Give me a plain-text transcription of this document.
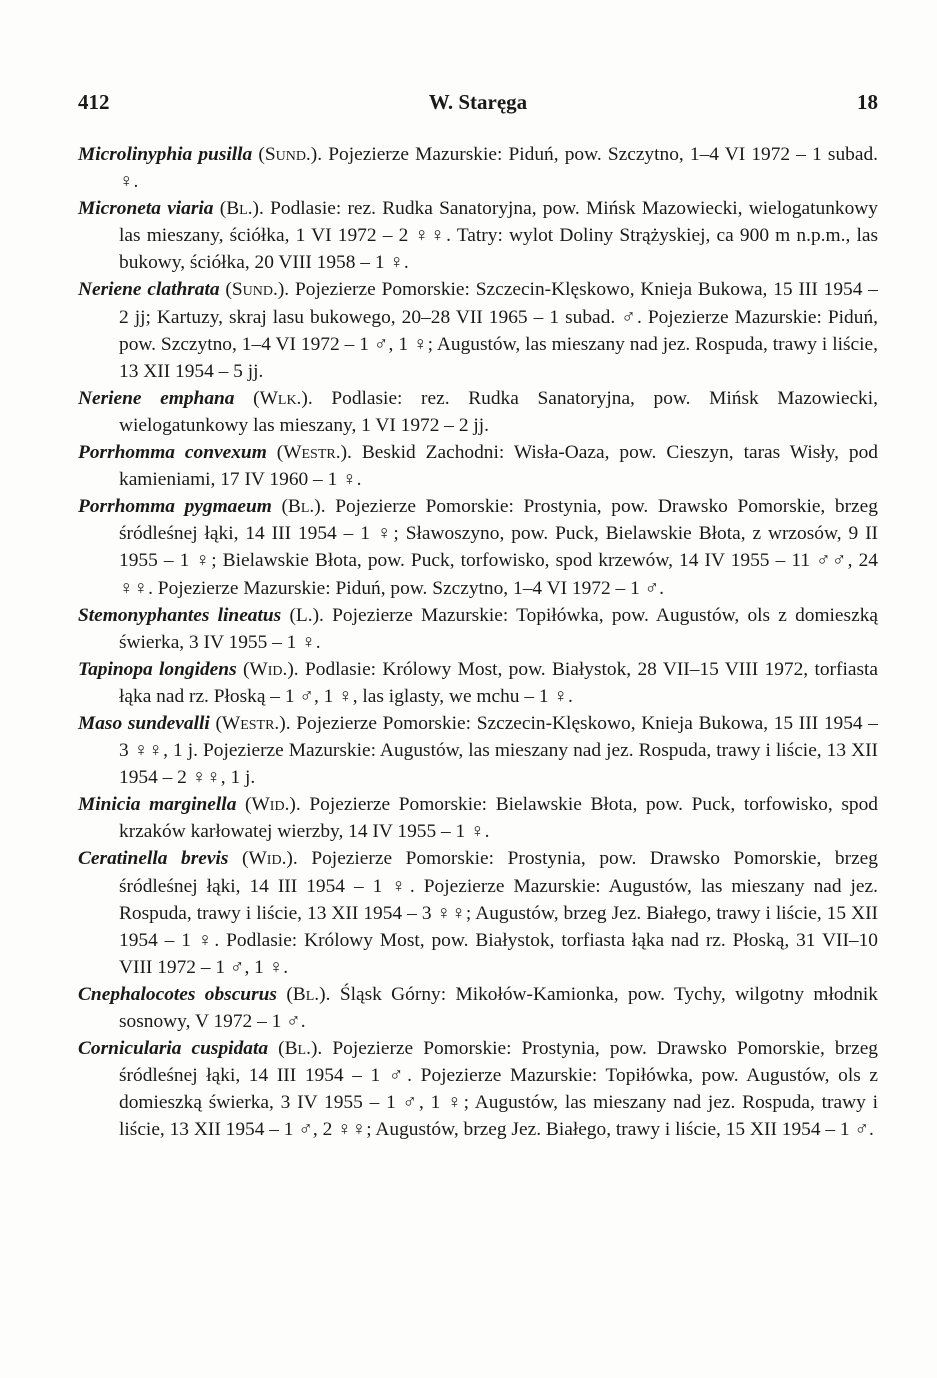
412	W. Staręga	18

Microlinyphia pusilla (Sund.). Pojezierze Mazurskie: Piduń, pow. Szczytno, 1–4 VI 1972 – 1 subad. ♀.

Microneta viaria (Bl.). Podlasie: rez. Rudka Sanatoryjna, pow. Mińsk Mazowiecki, wielogatunkowy las mieszany, ściółka, 1 VI 1972 – 2 ♀♀. Tatry: wylot Doliny Strążyskiej, ca 900 m n.p.m., las bukowy, ściółka, 20 VIII 1958 – 1 ♀.

Neriene clathrata (Sund.). Pojezierze Pomorskie: Szczecin-Klęskowo, Knieja Bukowa, 15 III 1954 – 2 jj; Kartuzy, skraj lasu bukowego, 20–28 VII 1965 – 1 subad. ♂. Pojezierze Mazurskie: Piduń, pow. Szczytno, 1–4 VI 1972 – 1 ♂, 1 ♀; Augustów, las mieszany nad jez. Rospuda, trawy i liście, 13 XII 1954 – 5 jj.

Neriene emphana (Wlk.). Podlasie: rez. Rudka Sanatoryjna, pow. Mińsk Mazowiecki, wielogatunkowy las mieszany, 1 VI 1972 – 2 jj.

Porrhomma convexum (Westr.). Beskid Zachodni: Wisła-Oaza, pow. Cieszyn, taras Wisły, pod kamieniami, 17 IV 1960 – 1 ♀.

Porrhomma pygmaeum (Bl.). Pojezierze Pomorskie: Prostynia, pow. Drawsko Pomorskie, brzeg śródleśnej łąki, 14 III 1954 – 1 ♀; Sławoszyno, pow. Puck, Bielawskie Błota, z wrzosów, 9 II 1955 – 1 ♀; Bielawskie Błota, pow. Puck, torfowisko, spod krzewów, 14 IV 1955 – 11 ♂♂, 24 ♀♀. Pojezierze Mazurskie: Piduń, pow. Szczytno, 1–4 VI 1972 – 1 ♂.

Stemonyphantes lineatus (L.). Pojezierze Mazurskie: Topiłówka, pow. Augustów, ols z domieszką świerka, 3 IV 1955 – 1 ♀.

Tapinopa longidens (Wid.). Podlasie: Królowy Most, pow. Białystok, 28 VII–15 VIII 1972, torfiasta łąka nad rz. Płoską – 1 ♂, 1 ♀, las iglasty, we mchu – 1 ♀.

Maso sundevalli (Westr.). Pojezierze Pomorskie: Szczecin-Klęskowo, Knieja Bukowa, 15 III 1954 – 3 ♀♀, 1 j. Pojezierze Mazurskie: Augustów, las mieszany nad jez. Rospuda, trawy i liście, 13 XII 1954 – 2 ♀♀, 1 j.

Minicia marginella (Wid.). Pojezierze Pomorskie: Bielawskie Błota, pow. Puck, torfowisko, spod krzaków karłowatej wierzby, 14 IV 1955 – 1 ♀.

Ceratinella brevis (Wid.). Pojezierze Pomorskie: Prostynia, pow. Drawsko Pomorskie, brzeg śródleśnej łąki, 14 III 1954 – 1 ♀. Pojezierze Mazurskie: Augustów, las mieszany nad jez. Rospuda, trawy i liście, 13 XII 1954 – 3 ♀♀; Augustów, brzeg Jez. Białego, trawy i liście, 15 XII 1954 – 1 ♀. Podlasie: Królowy Most, pow. Białystok, torfiasta łąka nad rz. Płoską, 31 VII–10 VIII 1972 – 1 ♂, 1 ♀.

Cnephalocotes obscurus (Bl.). Śląsk Górny: Mikołów-Kamionka, pow. Tychy, wilgotny młodnik sosnowy, V 1972 – 1 ♂.

Cornicularia cuspidata (Bl.). Pojezierze Pomorskie: Prostynia, pow. Drawsko Pomorskie, brzeg śródleśnej łąki, 14 III 1954 – 1 ♂. Pojezierze Mazurskie: Topiłówka, pow. Augustów, ols z domieszką świerka, 3 IV 1955 – 1 ♂, 1 ♀; Augustów, las mieszany nad jez. Rospuda, trawy i liście, 13 XII 1954 – 1 ♂, 2 ♀♀; Augustów, brzeg Jez. Białego, trawy i liście, 15 XII 1954 – 1 ♂.
